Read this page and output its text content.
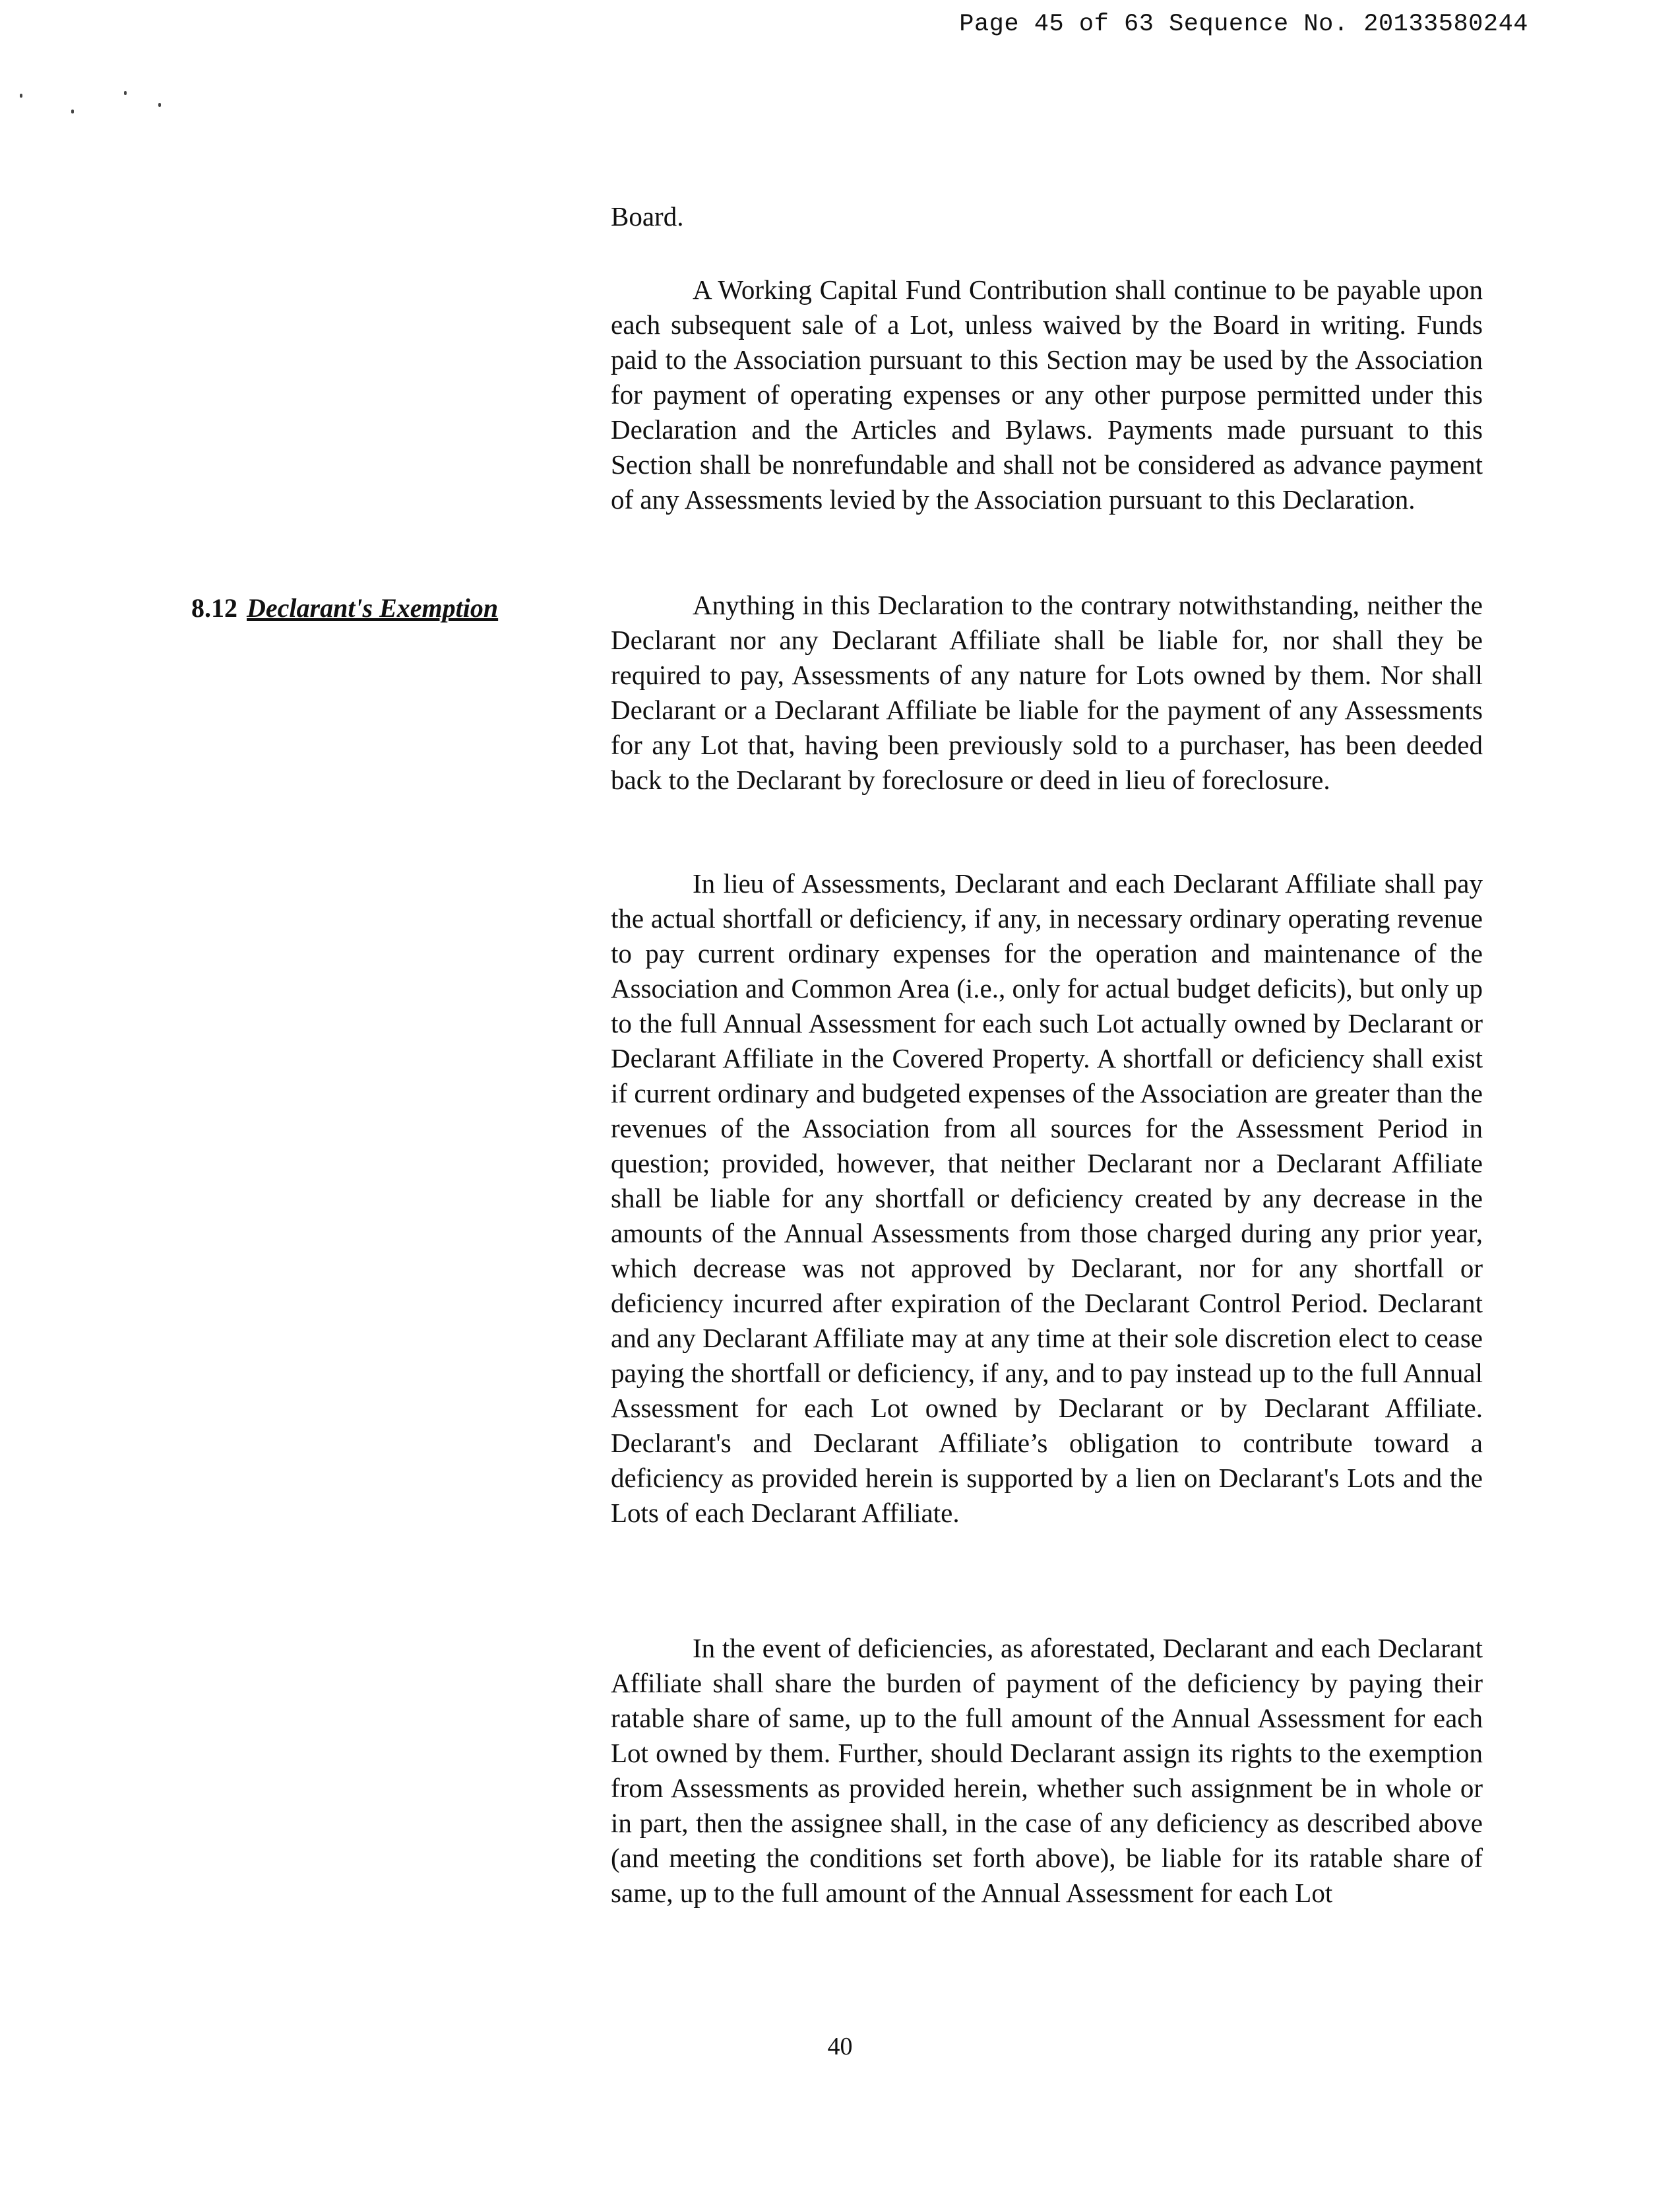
Page 45 of 63 Sequence No. 20133580244
8.12 Declarant's Exemption

Board.

A Working Capital Fund Contribution shall continue to be payable upon each subsequent sale of a Lot, unless waived by the Board in writing. Funds paid to the Association pursuant to this Section may be used by the Association for payment of operating expenses or any other purpose permitted under this Declaration and the Articles and Bylaws. Payments made pursuant to this Section shall be nonrefundable and shall not be considered as advance payment of any Assessments levied by the Association pursuant to this Declaration.

Anything in this Declaration to the contrary notwithstanding, neither the Declarant nor any Declarant Affiliate shall be liable for, nor shall they be required to pay, Assessments of any nature for Lots owned by them. Nor shall Declarant or a Declarant Affiliate be liable for the payment of any Assessments for any Lot that, having been previously sold to a purchaser, has been deeded back to the Declarant by foreclosure or deed in lieu of foreclosure.

In lieu of Assessments, Declarant and each Declarant Affiliate shall pay the actual shortfall or deficiency, if any, in necessary ordinary operating revenue to pay current ordinary expenses for the operation and maintenance of the Association and Common Area (i.e., only for actual budget deficits), but only up to the full Annual Assessment for each such Lot actually owned by Declarant or Declarant Affiliate in the Covered Property. A shortfall or deficiency shall exist if current ordinary and budgeted expenses of the Association are greater than the revenues of the Association from all sources for the Assessment Period in question; provided, however, that neither Declarant nor a Declarant Affiliate shall be liable for any shortfall or deficiency created by any decrease in the amounts of the Annual Assessments from those charged during any prior year, which decrease was not approved by Declarant, nor for any shortfall or deficiency incurred after expiration of the Declarant Control Period. Declarant and any Declarant Affiliate may at any time at their sole discretion elect to cease paying the shortfall or deficiency, if any, and to pay instead up to the full Annual Assessment for each Lot owned by Declarant or by Declarant Affiliate. Declarant's and Declarant Affiliate’s obligation to contribute toward a deficiency as provided herein is supported by a lien on Declarant's Lots and the Lots of each Declarant Affiliate.

In the event of deficiencies, as aforestated, Declarant and each Declarant Affiliate shall share the burden of payment of the deficiency by paying their ratable share of same, up to the full amount of the Annual Assessment for each Lot owned by them. Further, should Declarant assign its rights to the exemption from Assessments as provided herein, whether such assignment be in whole or in part, then the assignee shall, in the case of any deficiency as described above (and meeting the conditions set forth above), be liable for its ratable share of same, up to the full amount of the Annual Assessment for each Lot

40
